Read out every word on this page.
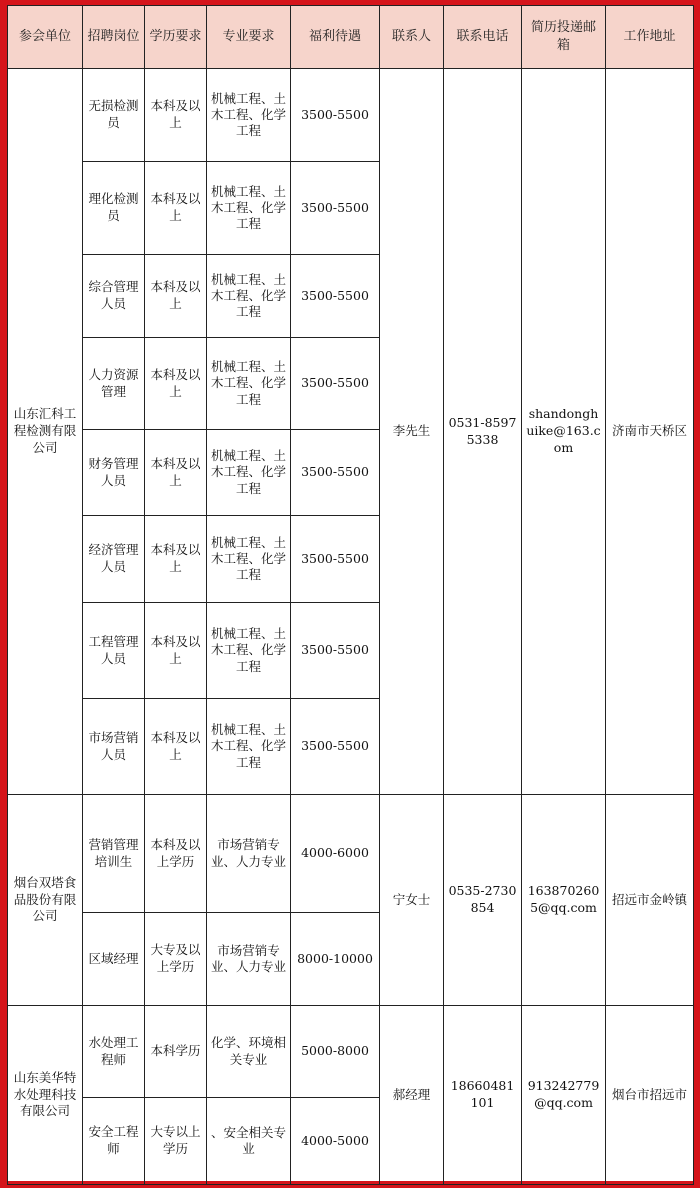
参会单位	招聘岗位	学历要求	专业要求	福利待遇	联系人	联系电话	简历投递邮箱	工作地址
山东汇科工程检测有限公司	无损检测员	本科及以上	机械工程、土木工程、化学工程	3500-5500	李先生	0531-85975338	shandonghuike@163.com	济南市天桥区
	理化检测员	本科及以上	机械工程、土木工程、化学工程	3500-5500				
	综合管理人员	本科及以上	机械工程、土木工程、化学工程	3500-5500				
	人力资源管理	本科及以上	机械工程、土木工程、化学工程	3500-5500				
	财务管理人员	本科及以上	机械工程、土木工程、化学工程	3500-5500				
	经济管理人员	本科及以上	机械工程、土木工程、化学工程	3500-5500				
	工程管理人员	本科及以上	机械工程、土木工程、化学工程	3500-5500				
	市场营销人员	本科及以上	机械工程、土木工程、化学工程	3500-5500				
烟台双塔食品股份有限公司	营销管理培训生	本科及以上学历	市场营销专业、人力专业	4000-6000	宁女士	0535-2730854	1638702605@qq.com	招远市金岭镇
	区域经理	大专及以上学历	市场营销专业、人力专业	8000-10000				
山东美华特水处理科技有限公司	水处理工程师	本科学历	化学、环境相关专业	5000-8000	郝经理	18660481101	913242779@qq.com	烟台市招远市
	安全工程师	大专以上学历	、安全相关专业	4000-5000				
